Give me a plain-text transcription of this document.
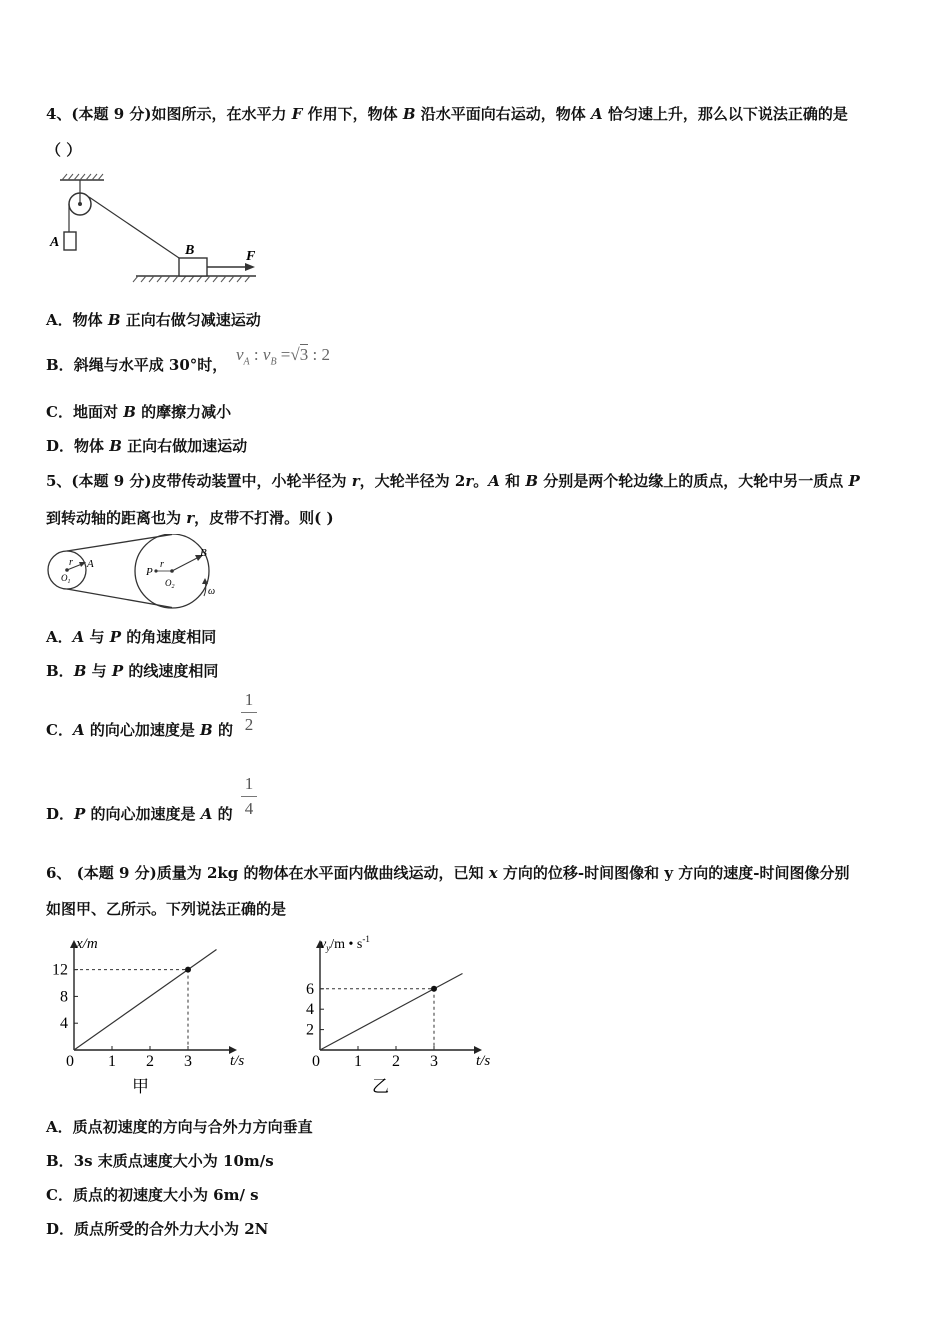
4、(本题 9 分)如图所示，在水平力 F 作用下，物体 B 沿水平面向右运动，物体 A 恰匀速上升，那么以下说法正确的是
（ ）
A
B	F
A．物体 B 正向右做匀减速运动
B．斜绳与水平成 30°时，
$v_A$ : $v_B =√3$ : 2
C．地面对 B 的摩擦力减小
D．物体 B 正向右做加速运动
5、(本题 9 分)皮带传动装置中，小轮半径为 r，大轮半径为 2r。A 和 B 分别是两个轮边缘上的质点，大轮中另一质点 P
到转动轴的距离也为 r，皮带不打滑。则( )
r A
$O_1$
P
r
B
$O_2$	ω
A．A 与 P 的角速度相同
B．B 与 P 的线速度相同
C．A 的向心加速度是 B 的
1
2
D．P 的向心加速度是 A 的
1
4
6、 (本题 9 分)质量为 2kg 的物体在水平面内做曲线运动，已知 x 方向的位移-时间图像和 y 方向的速度-时间图像分别
如图甲、乙所示。下列说法正确的是
0 1 2 3
4
8
12
x/m
t/s
甲
0 1 2 3
2
4
6
$v_y/m$ • $s^{-1}$
t/s
乙
A．质点初速度的方向与合外力方向垂直
B．3s 末质点速度大小为 10m/s
C．质点的初速度大小为 6m/ s
D．质点所受的合外力大小为 2N
